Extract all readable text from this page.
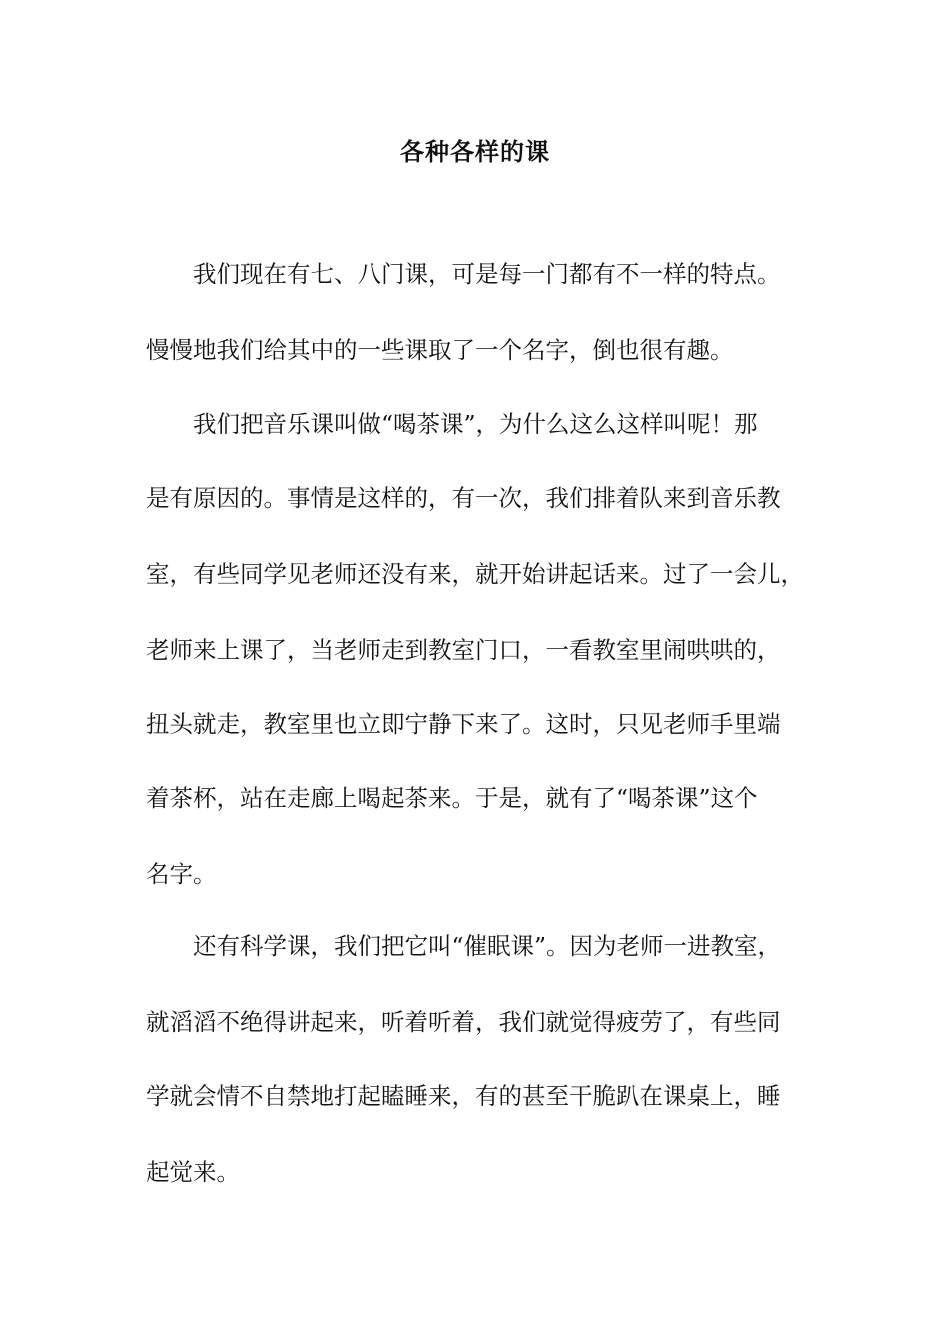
各种各样的课
我们现在有七、八门课，可是每一门都有不一样的特点。
慢慢地我们给其中的一些课取了一个名字，倒也很有趣。
我们把音乐课叫做“喝茶课”，为什么这么这样叫呢！那
是有原因的。事情是这样的，有一次，我们排着队来到音乐教
室，有些同学见老师还没有来，就开始讲起话来。过了一会儿，
老师来上课了，当老师走到教室门口，一看教室里闹哄哄的，
扭头就走，教室里也立即宁静下来了。这时，只见老师手里端
着茶杯，站在走廊上喝起茶来。于是，就有了“喝茶课”这个
名字。
还有科学课，我们把它叫“催眠课”。因为老师一进教室，
就滔滔不绝得讲起来，听着听着，我们就觉得疲劳了，有些同
学就会情不自禁地打起瞌睡来，有的甚至干脆趴在课桌上，睡
起觉来。
